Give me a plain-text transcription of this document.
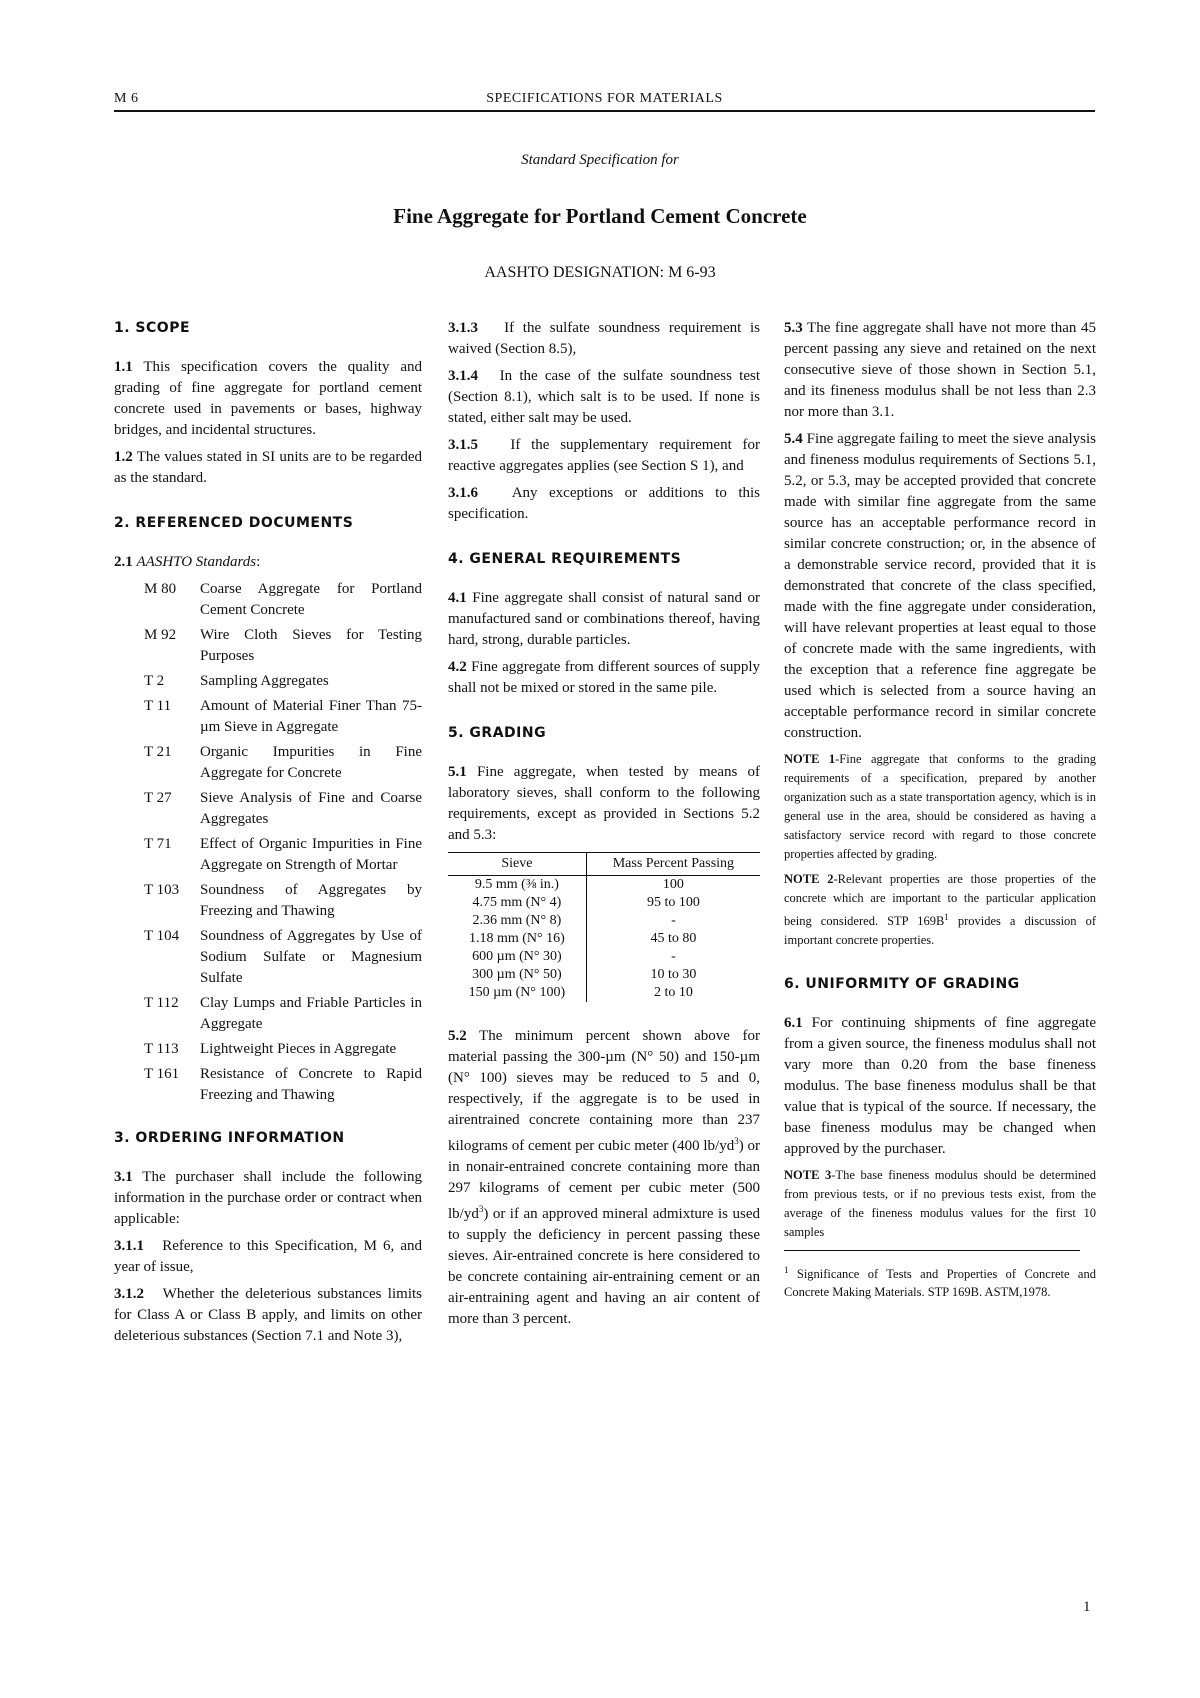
M 6	SPECIFICATIONS FOR MATERIALS
Standard Specification for
Fine Aggregate for Portland Cement Concrete
AASHTO DESIGNATION: M 6-93

1. SCOPE

1.1 This specification covers the quality and grading of fine aggregate for portland cement concrete used in pavements or bases, highway bridges, and incidental structures.

1.2 The values stated in SI units are to be regarded as the standard.

2. REFERENCED DOCUMENTS

2.1 AASHTO Standards:

M 80	Coarse Aggregate for Portland Cement Concrete
M 92	Wire Cloth Sieves for Testing Purposes
T 2	Sampling Aggregates
T 11	Amount of Material Finer Than 75-µm Sieve in Aggregate
T 21	Organic Impurities in Fine Aggregate for Concrete
T 27	Sieve Analysis of Fine and Coarse Aggregates
T 71	Effect of Organic Impurities in Fine Aggregate on Strength of Mortar
T 103	Soundness of Aggregates by Freezing and Thawing
T 104	Soundness of Aggregates by Use of Sodium Sulfate or Magnesium Sulfate
T 112	Clay Lumps and Friable Particles in Aggregate
T 113	Lightweight Pieces in Aggregate
T 161	Resistance of Concrete to Rapid Freezing and Thawing

3. ORDERING INFORMATION

3.1 The purchaser shall include the following information in the purchase order or contract when applicable:

3.1.1 Reference to this Specification, M 6, and year of issue,

3.1.2 Whether the deleterious substances limits for Class A or Class B apply, and limits on other deleterious substances (Section 7.1 and Note 3),

3.1.3 If the sulfate soundness requirement is waived (Section 8.5),

3.1.4 In the case of the sulfate soundness test (Section 8.1), which salt is to be used. If none is stated, either salt may be used.

3.1.5 If the supplementary requirement for reactive aggregates applies (see Section S 1), and

3.1.6 Any exceptions or additions to this specification.

4. GENERAL REQUIREMENTS

4.1 Fine aggregate shall consist of natural sand or manufactured sand or combinations thereof, having hard, strong, durable particles.

4.2 Fine aggregate from different sources of supply shall not be mixed or stored in the same pile.

5. GRADING

5.1 Fine aggregate, when tested by means of laboratory sieves, shall conform to the following requirements, except as provided in Sections 5.2 and 5.3:

Sieve	Mass Percent Passing
9.5 mm (⅜ in.)	100
4.75 mm (N° 4)	95 to 100
2.36 mm (N° 8)	-
1.18 mm (N° 16)	45 to 80
600 µm (N° 30)	-
300 µm (N° 50)	10 to 30
150 µm (N° 100)	2 to 10

5.2 The minimum percent shown above for material passing the 300-µm (N° 50) and 150-µm (N° 100) sieves may be reduced to 5 and 0, respectively, if the aggregate is to be used in airentrained concrete containing more than 237 kilograms of cement per cubic meter (400 $lb/yd^3$) or in nonair-entrained concrete containing more than 297 kilograms of cement per cubic meter (500 $lb/yd^3$) or if an approved mineral admixture is used to supply the deficiency in percent passing these sieves. Air-entrained concrete is here considered to be concrete containing air-entraining cement or an air-entraining agent and having an air content of more than 3 percent.

5.3 The fine aggregate shall have not more than 45 percent passing any sieve and retained on the next consecutive sieve of those shown in Section 5.1, and its fineness modulus shall be not less than 2.3 nor more than 3.1.

5.4 Fine aggregate failing to meet the sieve analysis and fineness modulus requirements of Sections 5.1, 5.2, or 5.3, may be accepted provided that concrete made with similar fine aggregate from the same source has an acceptable performance record in similar concrete construction; or, in the absence of a demonstrable service record, provided that it is demonstrated that concrete of the class specified, made with the fine aggregate under consideration, will have relevant properties at least equal to those of concrete made with the same ingredients, with the exception that a reference fine aggregate be used which is selected from a source having an acceptable performance record in similar concrete construction.

NOTE 1-Fine aggregate that conforms to the grading requirements of a specification, prepared by another organization such as a state transportation agency, which is in general use in the area, should be considered as having a satisfactory service record with regard to those concrete properties affected by grading.

NOTE 2-Relevant properties are those properties of the concrete which are important to the particular application being considered. STP $169B^1$ provides a discussion of important concrete properties.

6. UNIFORMITY OF GRADING

6.1 For continuing shipments of fine aggregate from a given source, the fineness modulus shall not vary more than 0.20 from the base fineness modulus. The base fineness modulus shall be that value that is typical of the source. If necessary, the base fineness modulus may be changed when approved by the purchaser.

NOTE 3-The base fineness modulus should be determined from previous tests, or if no previous tests exist, from the average of the fineness modulus values for the first 10 samples

$^1$ Significance of Tests and Properties of Concrete and Concrete Making Materials. STP 169B. ASTM,1978.

1
